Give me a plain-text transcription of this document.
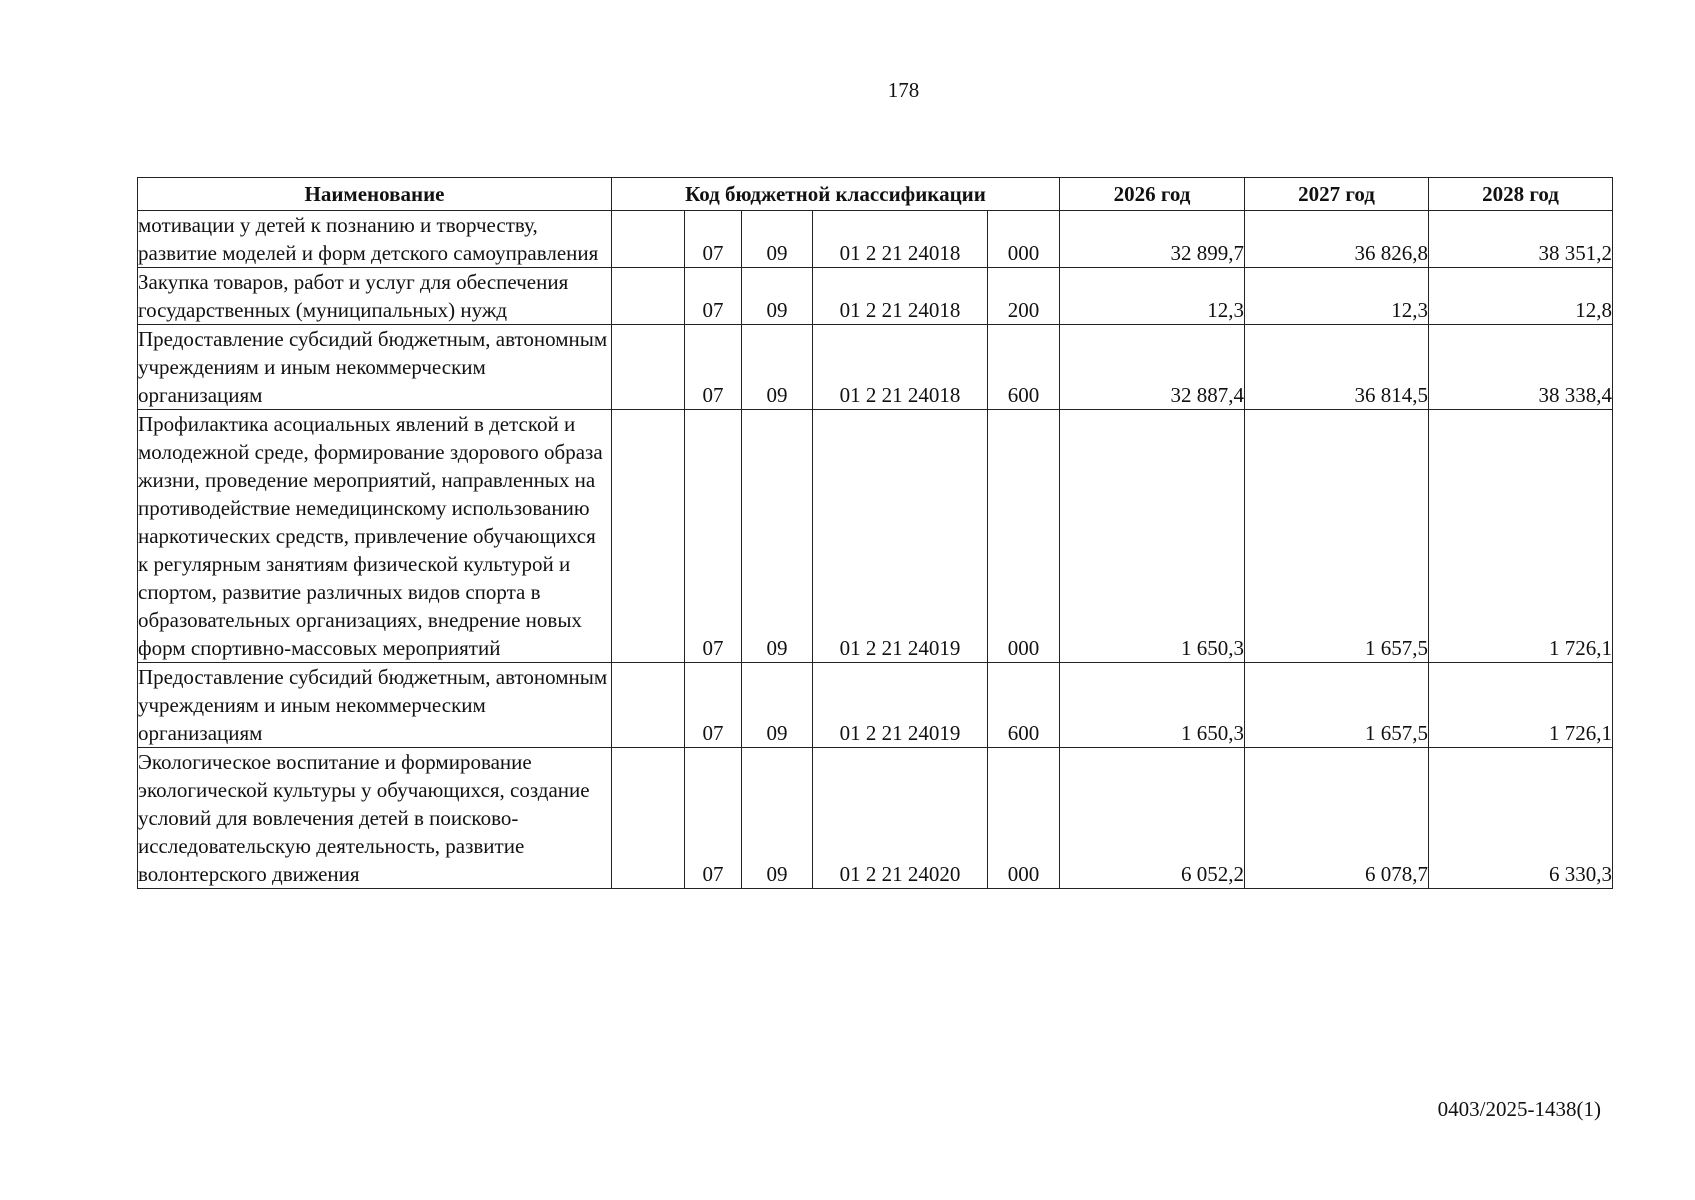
178
Наименование	Код бюджетной классификации					2026 год	2027 год	2028 год
мотивации у детей к познанию и творчеству, развитие моделей и форм детского самоуправления		07	09	01 2 21 24018	000	32 899,7	36 826,8	38 351,2
Закупка товаров, работ и услуг для обеспечения государственных (муниципальных) нужд		07	09	01 2 21 24018	200	12,3	12,3	12,8
Предоставление субсидий бюджетным, автономным учреждениям и иным некоммерческим организациям		07	09	01 2 21 24018	600	32 887,4	36 814,5	38 338,4
Профилактика асоциальных явлений в детской и молодежной среде, формирование здорового образа жизни, проведение мероприятий, направленных на противодействие немедицинскому использованию наркотических средств, привлечение обучающихся к регулярным занятиям физической культурой и спортом, развитие различных видов спорта в образовательных организациях, внедрение новых форм спортивно-массовых мероприятий		07	09	01 2 21 24019	000	1 650,3	1 657,5	1 726,1
Предоставление субсидий бюджетным, автономным учреждениям и иным некоммерческим организациям		07	09	01 2 21 24019	600	1 650,3	1 657,5	1 726,1
Экологическое воспитание и формирование экологической культуры у обучающихся, создание условий для вовлечения детей в поисково-исследовательскую деятельность, развитие волонтерского движения		07	09	01 2 21 24020	000	6 052,2	6 078,7	6 330,3
0403/2025-1438(1)
